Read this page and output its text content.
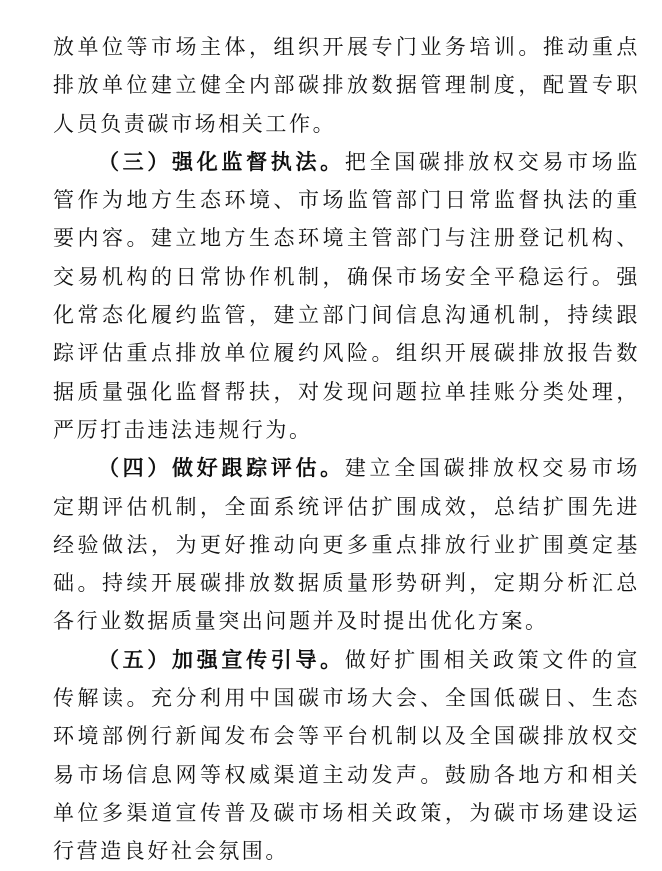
放单位等市场主体，组织开展专门业务培训。推动重点排放单位建立健全内部碳排放数据管理制度，配置专职人员负责碳市场相关工作。

（三）强化监督执法。把全国碳排放权交易市场监管作为地方生态环境、市场监管部门日常监督执法的重要内容。建立地方生态环境主管部门与注册登记机构、交易机构的日常协作机制，确保市场安全平稳运行。强化常态化履约监管，建立部门间信息沟通机制，持续跟踪评估重点排放单位履约风险。组织开展碳排放报告数据质量强化监督帮扶，对发现问题拉单挂账分类处理，严厉打击违法违规行为。

（四）做好跟踪评估。建立全国碳排放权交易市场定期评估机制，全面系统评估扩围成效，总结扩围先进经验做法，为更好推动向更多重点排放行业扩围奠定基础。持续开展碳排放数据质量形势研判，定期分析汇总各行业数据质量突出问题并及时提出优化方案。

（五）加强宣传引导。做好扩围相关政策文件的宣传解读。充分利用中国碳市场大会、全国低碳日、生态环境部例行新闻发布会等平台机制以及全国碳排放权交易市场信息网等权威渠道主动发声。鼓励各地方和相关单位多渠道宣传普及碳市场相关政策，为碳市场建设运行营造良好社会氛围。
